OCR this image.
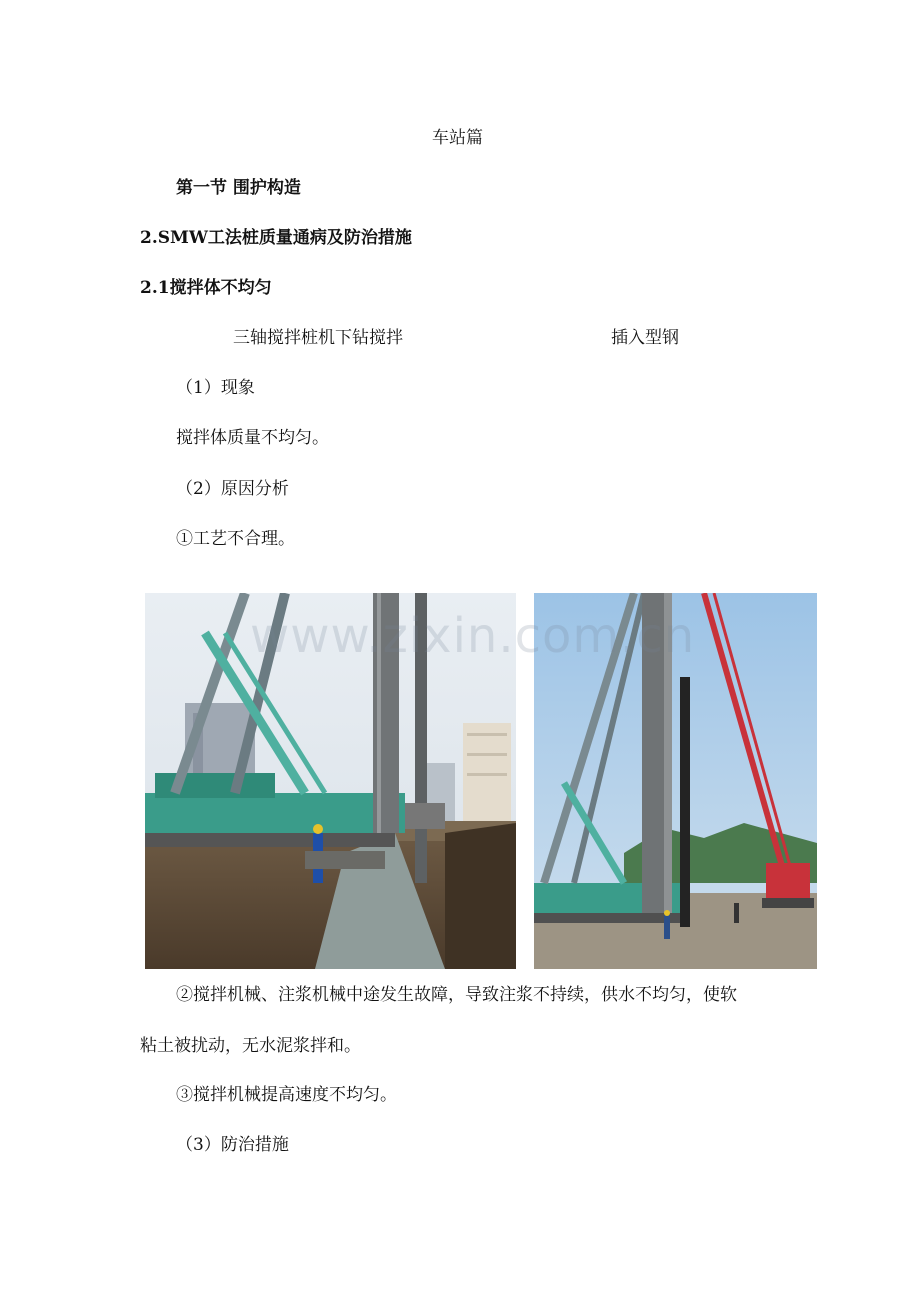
车站篇
第一节 围护构造
2.SMW工法桩质量通病及防治措施
2.1搅拌体不均匀
三轴搅拌桩机下钻搅拌	插入型钢
（1）现象
搅拌体质量不均匀。
（2）原因分析
①工艺不合理。
www.zixin.com.cn
②搅拌机械、注浆机械中途发生故障，导致注浆不持续，供水不均匀，使软
粘土被扰动，无水泥浆拌和。
③搅拌机械提高速度不均匀。
（3）防治措施
